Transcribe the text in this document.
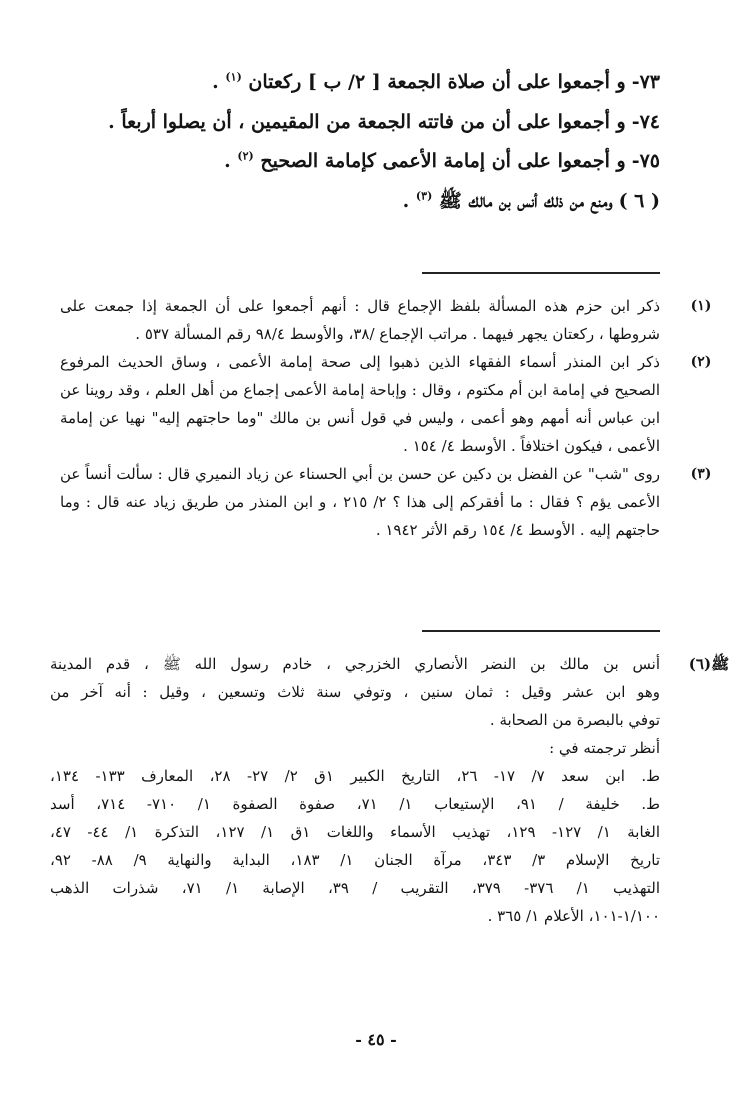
٧٣-
و أجمعوا على أن صلاة الجمعة [ ٢/ ب ] ركعتان $^{(١)}$ .
٧٤-
و أجمعوا على أن من فاتته الجمعة من المقيمين ، أن يصلوا أربعاً .
٧٥-
و أجمعوا على أن إمامة الأعمى كإمامة الصحيح $^{(٢)}$ .
( ٦ )
ومنع من ذلك أنس بن مالك ﷺ $^{(٣)}$ .
(١)
ذكر ابن حزم هذه المسألة بلفظ الإجماع قال : أنهم أجمعوا على أن الجمعة إذا جمعت على شروطها ، ركعتان يجهر فيهما . مراتب الإجماع /٣٨، والأوسط ٩٨/٤ رقم المسألة ٥٣٧ .
(٢)
ذكر ابن المنذر أسماء الفقهاء الذين ذهبوا إلى صحة إمامة الأعمى ، وساق الحديث المرفوع الصحيح في إمامة ابن أم مكتوم ، وقال : وإباحة إمامة الأعمى إجماع من أهل العلم ، وقد روينا عن ابن عباس أنه أمهم وهو أعمى ، وليس في قول أنس بن مالك "وما حاجتهم إليه" نهيا عن إمامة الأعمى ، فيكون اختلافاً . الأوسط ٤/ ١٥٤ .
(٣)
روى "شب" عن الفضل بن دكين عن حسن بن أبي الحسناء عن زياد النميري قال : سألت أنساً عن الأعمى يؤم ؟ فقال : ما أفقركم إلى هذا ؟ ٢/ ٢١٥ ، و ابن المنذر من طريق زياد عنه قال : وما حاجتهم إليه . الأوسط ٤/ ١٥٤ رقم الأثر ١٩٤٢ .
ﷺ(٦)
أنس بن مالك بن النضر الأنصاري الخزرجي ، خادم رسول الله ﷺ ، قدم المدينة
وهو ابن عشر وقيل : ثمان سنين ، وتوفي سنة ثلاث وتسعين ، وقيل : أنه آخر من
توفي بالبصرة من الصحابة .
أنظر ترجمته في :
ط. ابن سعد ٧/ ١٧- ٢٦، التاريخ الكبير ١ق ٢/ ٢٧- ٢٨، المعارف ١٣٣- ١٣٤،
ط. خليفة / ٩١، الإستيعاب ١/ ٧١، صفوة الصفوة ١/ ٧١٠- ٧١٤، أسد
الغابة ١/ ١٢٧- ١٢٩، تهذيب الأسماء واللغات ١ق ١/ ١٢٧، التذكرة ١/ ٤٤- ٤٧،
تاريخ الإسلام ٣/ ٣٤٣، مرآة الجنان ١/ ١٨٣، البداية والنهاية ٩/ ٨٨- ٩٢،
التهذيب ١/ ٣٧٦- ٣٧٩، التقريب / ٣٩، الإصابة ١/ ٧١، شذرات الذهب
١/١٠٠-١٠١، الأعلام ١/ ٣٦٥ .
- ٤٥ -
